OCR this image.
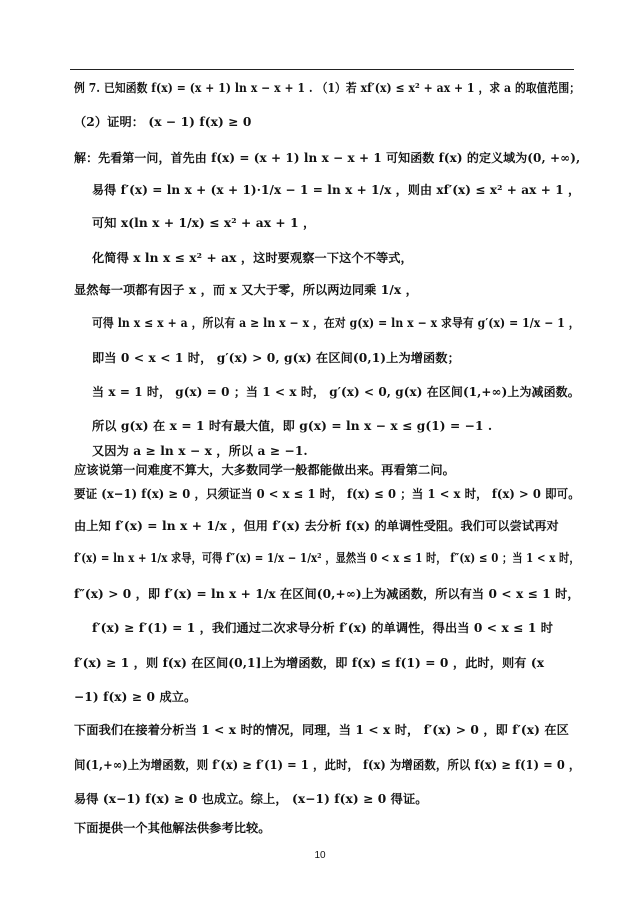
例 7. 已知函数 f(x) = (x + 1) ln x − x + 1 . （1）若 xf′(x) ≤ x² + ax + 1 ，求 a 的取值范围；
（2）证明： (x − 1) f(x) ≥ 0
解：先看第一问，首先由 f(x) = (x + 1) ln x − x + 1 可知函数 f(x) 的定义域为(0, +∞),
易得 f′(x) = ln x + (x + 1)·1/x − 1 = ln x + 1/x ，则由 xf′(x) ≤ x² + ax + 1 ，
可知 x(ln x + 1/x) ≤ x² + ax + 1 ，
化简得 x ln x ≤ x² + ax ，这时要观察一下这个不等式，
显然每一项都有因子 x ，而 x 又大于零，所以两边同乘 1/x ，
可得 ln x ≤ x + a ，所以有 a ≥ ln x − x ，在对 g(x) = ln x − x 求导有 g′(x) = 1/x − 1 ，
即当 0 < x < 1 时， g′(x) > 0, g(x) 在区间(0,1)上为增函数；
当 x = 1 时， g(x) = 0 ；当 1 < x 时， g′(x) < 0, g(x) 在区间(1,+∞)上为减函数。
所以 g(x) 在 x = 1 时有最大值，即 g(x) = ln x − x ≤ g(1) = −1 .
又因为 a ≥ ln x − x ，所以 a ≥ −1.
应该说第一问难度不算大，大多数同学一般都能做出来。再看第二问。
要证 (x−1) f(x) ≥ 0 ，只须证当 0 < x ≤ 1 时， f(x) ≤ 0 ；当 1 < x 时， f(x) > 0 即可。
由上知 f′(x) = ln x + 1/x ，但用 f′(x) 去分析 f(x) 的单调性受阻。我们可以尝试再对
f′(x) = ln x + 1/x 求导，可得 f″(x) = 1/x − 1/x² ，显然当 0 < x ≤ 1 时， f″(x) ≤ 0 ；当 1 < x 时，
f″(x) > 0 ，即 f′(x) = ln x + 1/x 在区间(0,+∞)上为减函数，所以有当 0 < x ≤ 1 时，
f′(x) ≥ f′(1) = 1 ，我们通过二次求导分析 f′(x) 的单调性，得出当 0 < x ≤ 1 时
f′(x) ≥ 1 ，则 f(x) 在区间(0,1]上为增函数，即 f(x) ≤ f(1) = 0 ，此时，则有 (x
−1) f(x) ≥ 0 成立。
下面我们在接着分析当 1 < x 时的情况，同理，当 1 < x 时， f′(x) > 0 ，即 f′(x) 在区
间(1,+∞)上为增函数，则 f′(x) ≥ f′(1) = 1 ，此时， f(x) 为增函数，所以 f(x) ≥ f(1) = 0 ，
易得 (x−1) f(x) ≥ 0 也成立。综上， (x−1) f(x) ≥ 0 得证。
下面提供一个其他解法供参考比较。
10
